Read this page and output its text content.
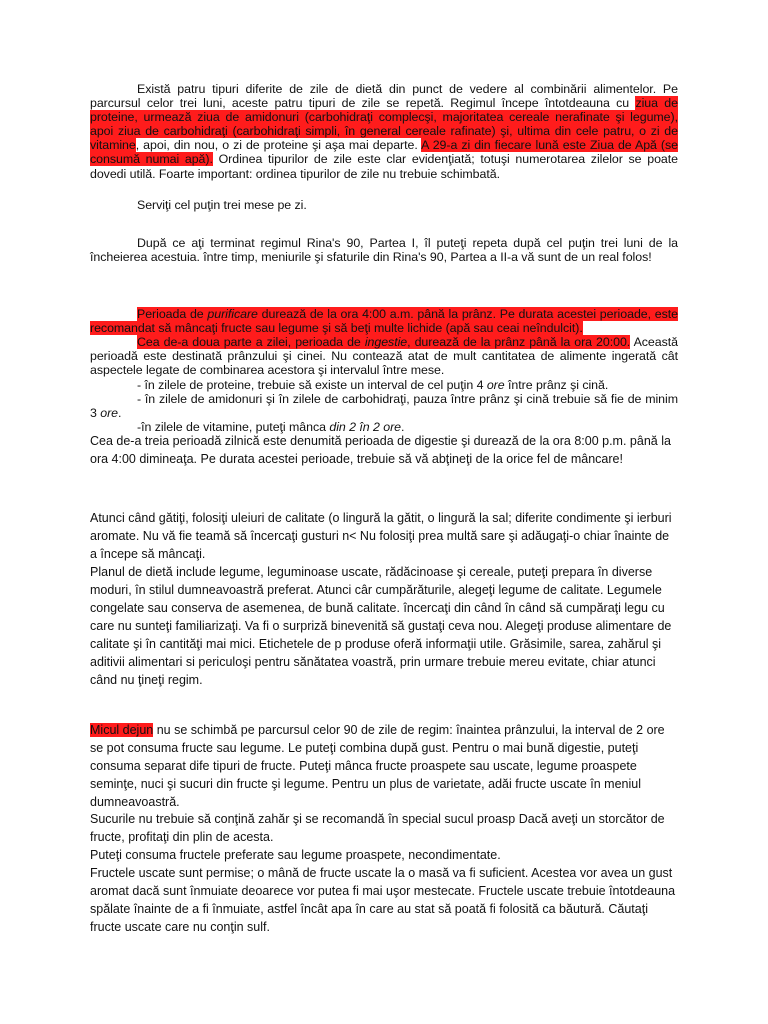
Există patru tipuri diferite de zile de dietă din punct de vedere al combinării alimentelor. Pe parcursul celor trei luni, aceste patru tipuri de zile se repetă. Regimul începe întotdeauna cu ziua de proteine, urmează ziua de amidonuri (carbohidraţi complecşi, majoritatea cereale nerafinate şi legume), apoi ziua de carbohidraţi (carbohidraţi simpli, în general cereale rafinate) şi, ultima din cele patru, o zi de vitamine, apoi, din nou, o zi de proteine şi aşa mai departe. A 29-a zi din fiecare lună este Ziua de Apă (se consumă numai apă). Ordinea tipurilor de zile este clar evidenţiată; totuşi numerotarea zilelor se poate dovedi utilă. Foarte important: ordinea tipurilor de zile nu trebuie schimbată.

Serviţi cel puţin trei mese pe zi.

După ce aţi terminat regimul Rina's 90, Partea I, îl puteţi repeta după cel puţin trei luni de la încheierea acestuia. între timp, meniurile şi sfaturile din Rina's 90, Partea a II-a vă sunt de un real folos!

Perioada de purificare durează de la ora 4:00 a.m. până la prânz. Pe durata acestei perioade, este recomandat să mâncaţi fructe sau legume şi să beţi multe lichide (apă sau ceai neîndulcit).

Cea de-a doua parte a zilei, perioada de ingestie, durează de la prânz până la ora 20:00. Această perioadă este destinată prânzului şi cinei. Nu contează atat de mult cantitatea de alimente ingerată cât aspectele legate de combinarea acestora şi intervalul între mese.

- în zilele de proteine, trebuie să existe un interval de cel puţin 4 ore între prânz şi cină.

- în zilele de amidonuri şi în zilele de carbohidraţi, pauza între prânz şi cină trebuie să fie de minim 3 ore.

-în zilele de vitamine, puteţi mânca din 2 în 2 ore.

Cea de-a treia perioadă zilnică este denumită perioada de digestie şi durează de la ora 8:00 p.m. până la ora 4:00 dimineaţa. Pe durata acestei perioade, trebuie să vă abţineţi de la orice fel de mâncare!

Atunci când gătiţi, folosiţi uleiuri de calitate (o lingură la gătit, o lingură la sal; diferite condimente şi ierburi aromate. Nu vă fie teamă să încercaţi gusturi n< Nu folosiţi prea multă sare şi adăugaţi-o chiar înainte de a începe să mâncaţi.

Planul de dietă include legume, leguminoase uscate, rădăcinoase şi cereale, puteţi prepara în diverse moduri, în stilul dumneavoastră preferat. Atunci câr cumpărăturile, alegeţi legume de calitate. Legumele congelate sau conserva de asemenea, de bună calitate. încercaţi din când în când să cumpăraţi legu cu care nu sunteţi familiarizaţi. Va fi o surpriză binevenită să gustaţi ceva nou. Alegeţi produse alimentare de calitate şi în cantităţi mai mici. Etichetele de p produse oferă informaţii utile. Grăsimile, sarea, zahărul şi aditivii alimentari si periculoşi pentru sănătatea voastră, prin urmare trebuie mereu evitate, chiar atunci când nu ţineţi regim.

Micul dejun nu se schimbă pe parcursul celor 90 de zile de regim: înaintea prânzului, la interval de 2 ore se pot consuma fructe sau legume. Le puteţi combina după gust. Pentru o mai bună digestie, puteţi consuma separat dife tipuri de fructe. Puteţi mânca fructe proaspete sau uscate, legume proaspete seminţe, nuci şi sucuri din fructe şi legume. Pentru un plus de varietate, adăi fructe uscate în meniul dumneavoastră.

Sucurile nu trebuie să conţină zahăr şi se recomandă în special sucul proasp Dacă aveţi un storcător de fructe, profitaţi din plin de acesta.

Puteţi consuma fructele preferate sau legume proaspete, necondimentate.

Fructele uscate sunt permise; o mână de fructe uscate la o masă va fi suficient. Acestea vor avea un gust aromat dacă sunt înmuiate deoarece vor putea fi mai uşor mestecate. Fructele uscate trebuie întotdeauna spălate înainte de a fi înmuiate, astfel încât apa în care au stat să poată fi folosită ca băutură. Căutaţi fructe uscate care nu conţin sulf.
